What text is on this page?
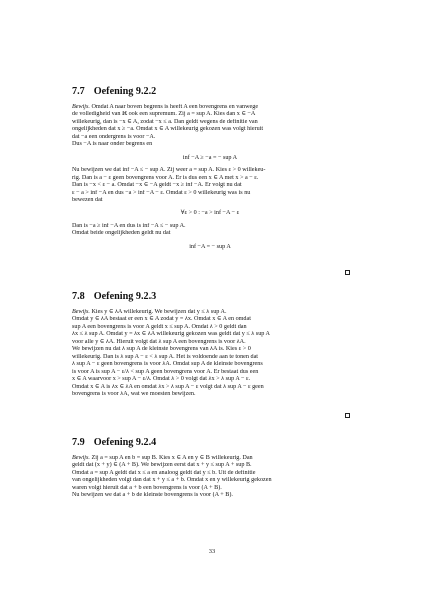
7.7 Oefening 9.2.2
Bewijs. Omdat A naar boven begrens is heeft A een bovengrens en vanwege
de volledigheid van ℝ ook een supremum. Zij a = sup A. Kies dan x ∈ −A
willekeurig, dan is −x ∈ A, zodat −x ≤ a. Dan geldt wegens de definitie van
ongelijkheden dat x ≥ −a. Omdat x ∈ A willekeurig gekozen was volgt hieruit
dat −a een ondergrens is voor −A.
Dus −A is naar onder begrens en
inf −A ≥ −a = − sup A
Nu bewijzen we dat inf −A ≤ − sup A. Zij weer a = sup A. Kies ε > 0 willekeu-
rig. Dan is a − ε geen bovengrens voor A. Er is dus een x ∈ A met x > a − ε.
Dan is −x < ε − a. Omdat −x ∈ −A geldt −x ≥ inf −A. Er volgt nu dat
ε − a > inf −A en dus −a > inf −A − ε. Omdat ε > 0 willekeurig was is nu
bewezen dat
∀ε > 0 : −a > inf −A − ε
Dan is −a ≥ inf −A en dus is inf −A ≤ − sup A.
Omdat beide ongelijkheden geldt nu dat
inf −A = − sup A
7.8 Oefening 9.2.3
Bewijs. Kies y ∈ λA willekeurig. We bewijzen dat y ≤ λ sup A.
Omdat y ∈ λA bestaat er een x ∈ A zodat y = λx. Omdat x ∈ A en omdat
sup A een bovengrens is voor A geldt x ≤ sup A. Omdat λ > 0 geldt dan
λx ≤ λ sup A. Omdat y = λx ∈ λA willekeurig gekozen was geldt dat y ≤ λ sup A
voor alle y ∈ λA. Hieruit volgt dat λ sup A een bovengrens is voor λA.
We bewijzen nu dat λ sup A de kleinste bovengrens van λA is. Kies ε > 0
willekeurig. Dan is λ sup A − ε < λ sup A. Het is voldoende aan te tonen dat
λ sup A − ε geen bovengrens is voor λA. Omdat sup A de kleinste bovengrens
is voor A is sup A − ε/λ < sup A geen bovengrens voor A. Er bestaat dus een
x ∈ A waarvoor x > sup A − ε/λ. Omdat λ > 0 volgt dat λx > λ sup A − ε.
Omdat x ∈ A is λx ∈ λA en omdat λx > λ sup A − ε volgt dat λ sup A − ε geen
bovengrens is voor λA, wat we moesten bewijzen.
7.9 Oefening 9.2.4
Bewijs. Zij a = sup A en b = sup B. Kies x ∈ A en y ∈ B willekeurig. Dan
geldt dat (x + y) ∈ (A + B). We bewijzen eerst dat x + y ≤ sup A + sup B.
Omdat a = sup A geldt dat x ≤ a en analoog geldt dat y ≤ b. Uit de definitie
van ongelijkheden volgt dan dat x + y ≤ a + b. Omdat x en y willekeurig gekozen
waren volgt hieruit dat a + b een bovengrens is voor (A + B).
Nu bewijzen we dat a + b de kleinste bovengrens is voor (A + B).
33
